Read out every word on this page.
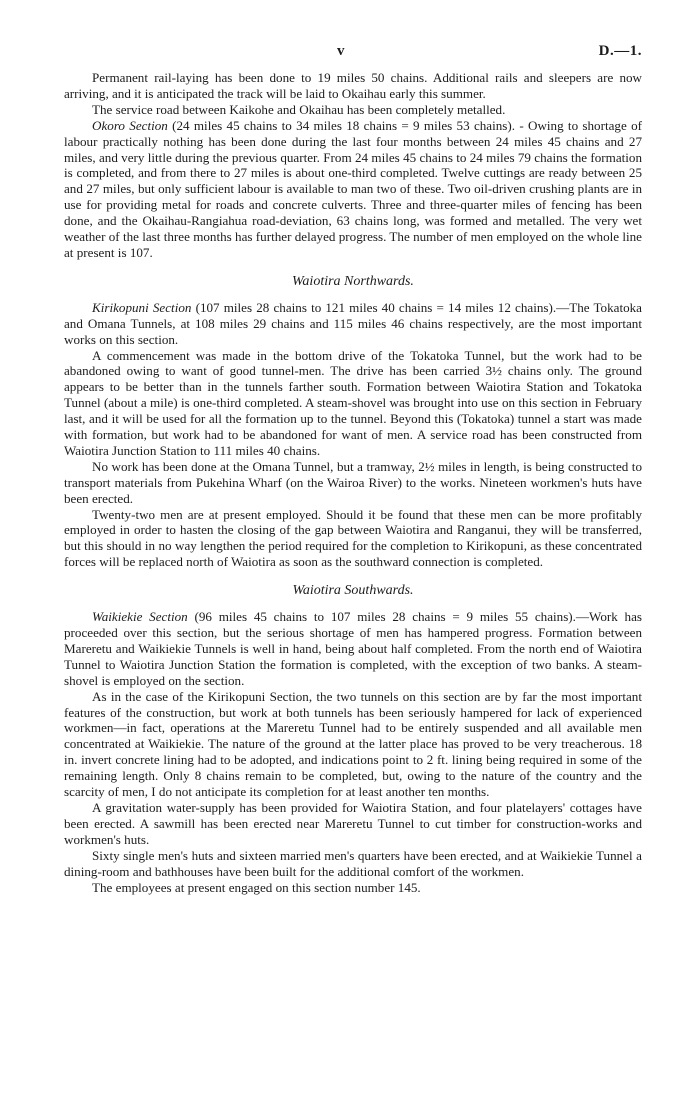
v	D.—1.

Permanent rail-laying has been done to 19 miles 50 chains. Additional rails and sleepers are now arriving, and it is anticipated the track will be laid to Okaihau early this summer.

The service road between Kaikohe and Okaihau has been completely metalled.

Okoro Section (24 miles 45 chains to 34 miles 18 chains = 9 miles 53 chains). - Owing to shortage of labour practically nothing has been done during the last four months between 24 miles 45 chains and 27 miles, and very little during the previous quarter. From 24 miles 45 chains to 24 miles 79 chains the formation is completed, and from there to 27 miles is about one-third completed. Twelve cuttings are ready between 25 and 27 miles, but only sufficient labour is available to man two of these. Two oil-driven crushing plants are in use for providing metal for roads and concrete culverts. Three and three-quarter miles of fencing has been done, and the Okaihau-Rangiahua road-deviation, 63 chains long, was formed and metalled. The very wet weather of the last three months has further delayed progress. The number of men employed on the whole line at present is 107.

Waiotira Northwards.

Kirikopuni Section (107 miles 28 chains to 121 miles 40 chains = 14 miles 12 chains).—The Tokatoka and Omana Tunnels, at 108 miles 29 chains and 115 miles 46 chains respectively, are the most important works on this section.

A commencement was made in the bottom drive of the Tokatoka Tunnel, but the work had to be abandoned owing to want of good tunnel-men. The drive has been carried 3½ chains only. The ground appears to be better than in the tunnels farther south. Formation between Waiotira Station and Tokatoka Tunnel (about a mile) is one-third completed. A steam-shovel was brought into use on this section in February last, and it will be used for all the formation up to the tunnel. Beyond this (Tokatoka) tunnel a start was made with formation, but work had to be abandoned for want of men. A service road has been constructed from Waiotira Junction Station to 111 miles 40 chains.

No work has been done at the Omana Tunnel, but a tramway, 2½ miles in length, is being constructed to transport materials from Pukehina Wharf (on the Wairoa River) to the works. Nineteen workmen's huts have been erected.

Twenty-two men are at present employed. Should it be found that these men can be more profitably employed in order to hasten the closing of the gap between Waiotira and Ranganui, they will be transferred, but this should in no way lengthen the period required for the completion to Kirikopuni, as these concentrated forces will be replaced north of Waiotira as soon as the southward connection is completed.

Waiotira Southwards.

Waikiekie Section (96 miles 45 chains to 107 miles 28 chains = 9 miles 55 chains).—Work has proceeded over this section, but the serious shortage of men has hampered progress. Formation between Mareretu and Waikiekie Tunnels is well in hand, being about half completed. From the north end of Waiotira Tunnel to Waiotira Junction Station the formation is completed, with the exception of two banks. A steam-shovel is employed on the section.

As in the case of the Kirikopuni Section, the two tunnels on this section are by far the most important features of the construction, but work at both tunnels has been seriously hampered for lack of experienced workmen—in fact, operations at the Mareretu Tunnel had to be entirely suspended and all available men concentrated at Waikiekie. The nature of the ground at the latter place has proved to be very treacherous. 18 in. invert concrete lining had to be adopted, and indications point to 2 ft. lining being required in some of the remaining length. Only 8 chains remain to be completed, but, owing to the nature of the country and the scarcity of men, I do not anticipate its completion for at least another ten months.

A gravitation water-supply has been provided for Waiotira Station, and four platelayers' cottages have been erected. A sawmill has been erected near Mareretu Tunnel to cut timber for construction-works and workmen's huts.

Sixty single men's huts and sixteen married men's quarters have been erected, and at Waikiekie Tunnel a dining-room and bathhouses have been built for the additional comfort of the workmen.

The employees at present engaged on this section number 145.
